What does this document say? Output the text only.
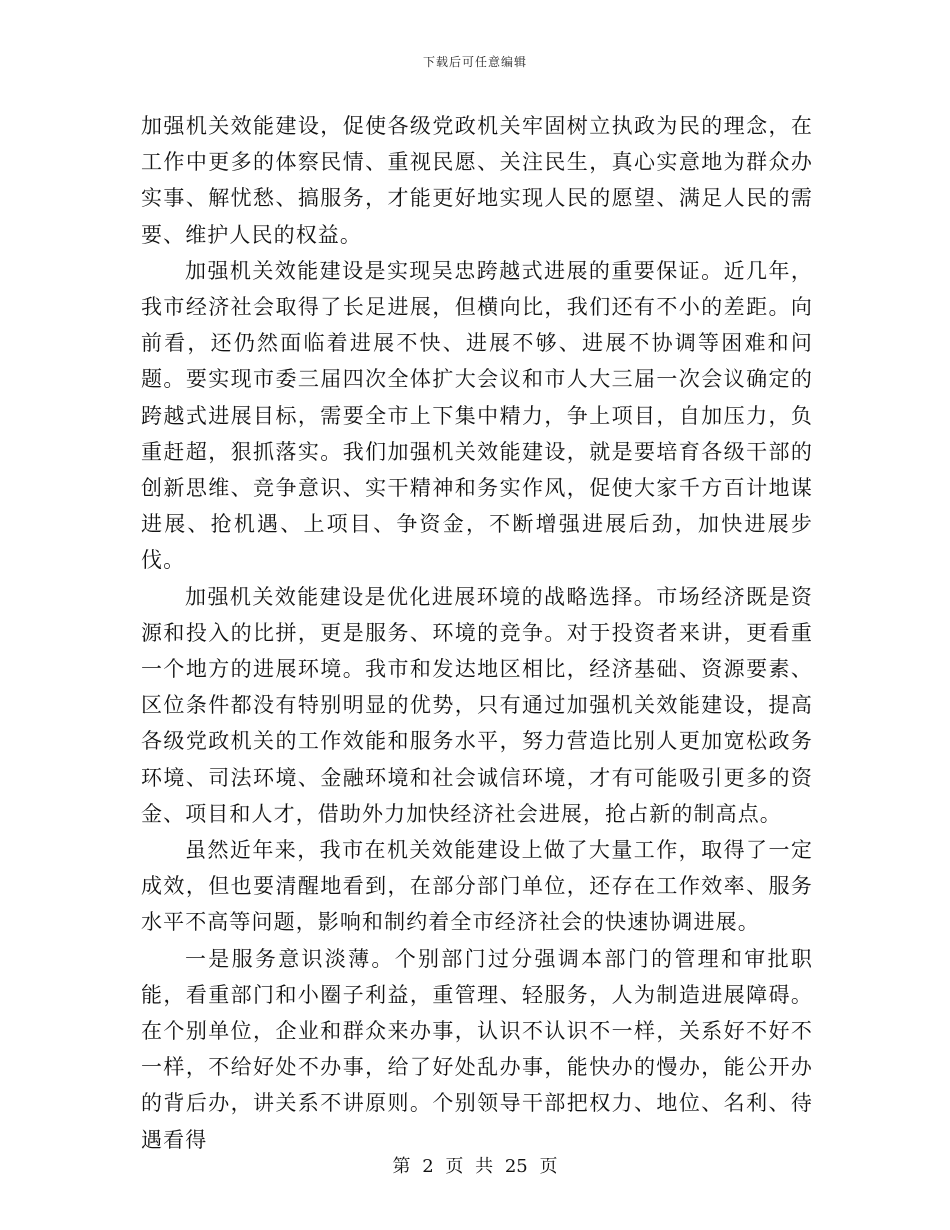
下载后可任意编辑

加强机关效能建设，促使各级党政机关牢固树立执政为民的理念，在工作中更多的体察民情、重视民愿、关注民生，真心实意地为群众办实事、解忧愁、搞服务，才能更好地实现人民的愿望、满足人民的需要、维护人民的权益。

加强机关效能建设是实现吴忠跨越式进展的重要保证。近几年，我市经济社会取得了长足进展，但横向比，我们还有不小的差距。向前看，还仍然面临着进展不快、进展不够、进展不协调等困难和问题。要实现市委三届四次全体扩大会议和市人大三届一次会议确定的跨越式进展目标，需要全市上下集中精力，争上项目，自加压力，负重赶超，狠抓落实。我们加强机关效能建设，就是要培育各级干部的创新思维、竞争意识、实干精神和务实作风，促使大家千方百计地谋进展、抢机遇、上项目、争资金，不断增强进展后劲，加快进展步伐。

加强机关效能建设是优化进展环境的战略选择。市场经济既是资源和投入的比拼，更是服务、环境的竞争。对于投资者来讲，更看重一个地方的进展环境。我市和发达地区相比，经济基础、资源要素、区位条件都没有特别明显的优势，只有通过加强机关效能建设，提高各级党政机关的工作效能和服务水平，努力营造比别人更加宽松政务环境、司法环境、金融环境和社会诚信环境，才有可能吸引更多的资金、项目和人才，借助外力加快经济社会进展，抢占新的制高点。

虽然近年来，我市在机关效能建设上做了大量工作，取得了一定成效，但也要清醒地看到，在部分部门单位，还存在工作效率、服务水平不高等问题，影响和制约着全市经济社会的快速协调进展。

一是服务意识淡薄。个别部门过分强调本部门的管理和审批职能，看重部门和小圈子利益，重管理、轻服务，人为制造进展障碍。在个别单位，企业和群众来办事，认识不认识不一样，关系好不好不一样，不给好处不办事，给了好处乱办事，能快办的慢办，能公开办的背后办，讲关系不讲原则。个别领导干部把权力、地位、名利、待遇看得

第 2 页 共 25 页
